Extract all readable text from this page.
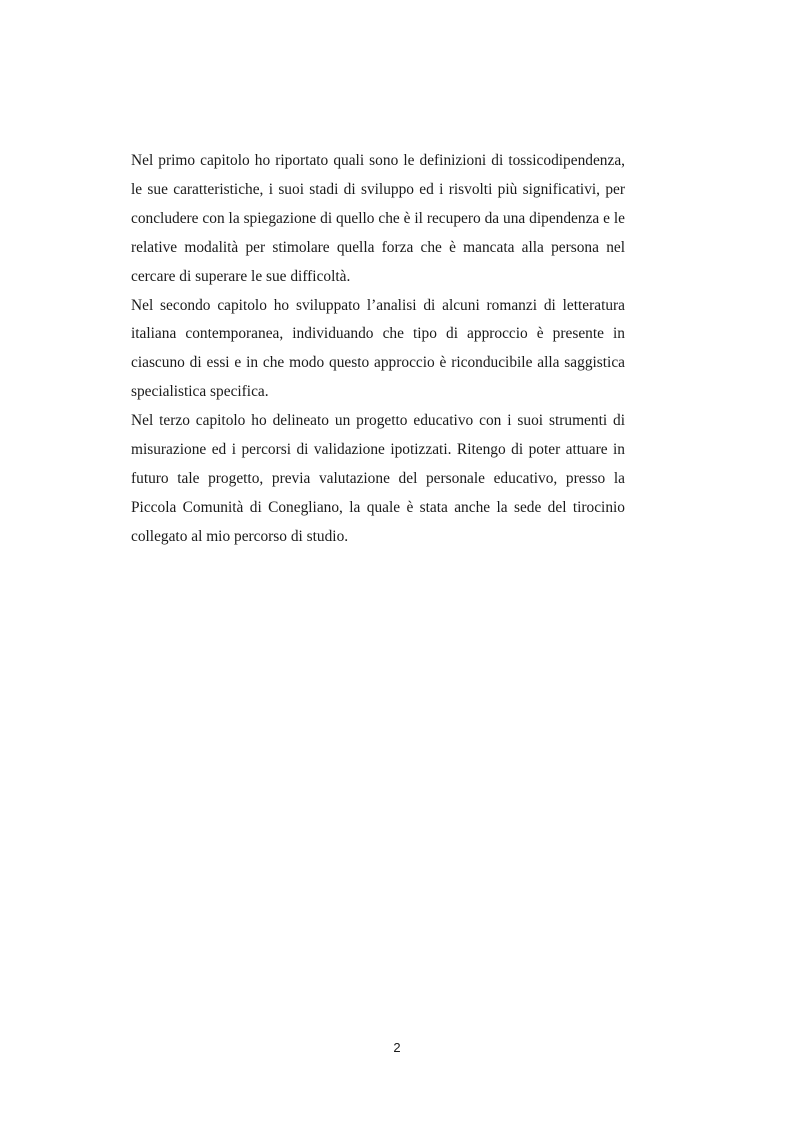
Nel primo capitolo ho riportato quali sono le definizioni di tossicodipendenza, le sue caratteristiche, i suoi stadi di sviluppo ed i risvolti più significativi, per concludere con la spiegazione di quello che è il recupero da una dipendenza e le relative modalità per stimolare quella forza che è mancata alla persona nel cercare di superare le sue difficoltà.

Nel secondo capitolo ho sviluppato l’analisi di alcuni romanzi di letteratura italiana contemporanea, individuando che tipo di approccio è presente in ciascuno di essi e in che modo questo approccio è riconducibile alla saggistica specialistica specifica.

Nel terzo capitolo ho delineato un progetto educativo con i suoi strumenti di misurazione ed i percorsi di validazione ipotizzati. Ritengo di poter attuare in futuro tale progetto, previa valutazione del personale educativo, presso la Piccola Comunità di Conegliano, la quale è stata anche la sede del tirocinio collegato al mio percorso di studio.

2
